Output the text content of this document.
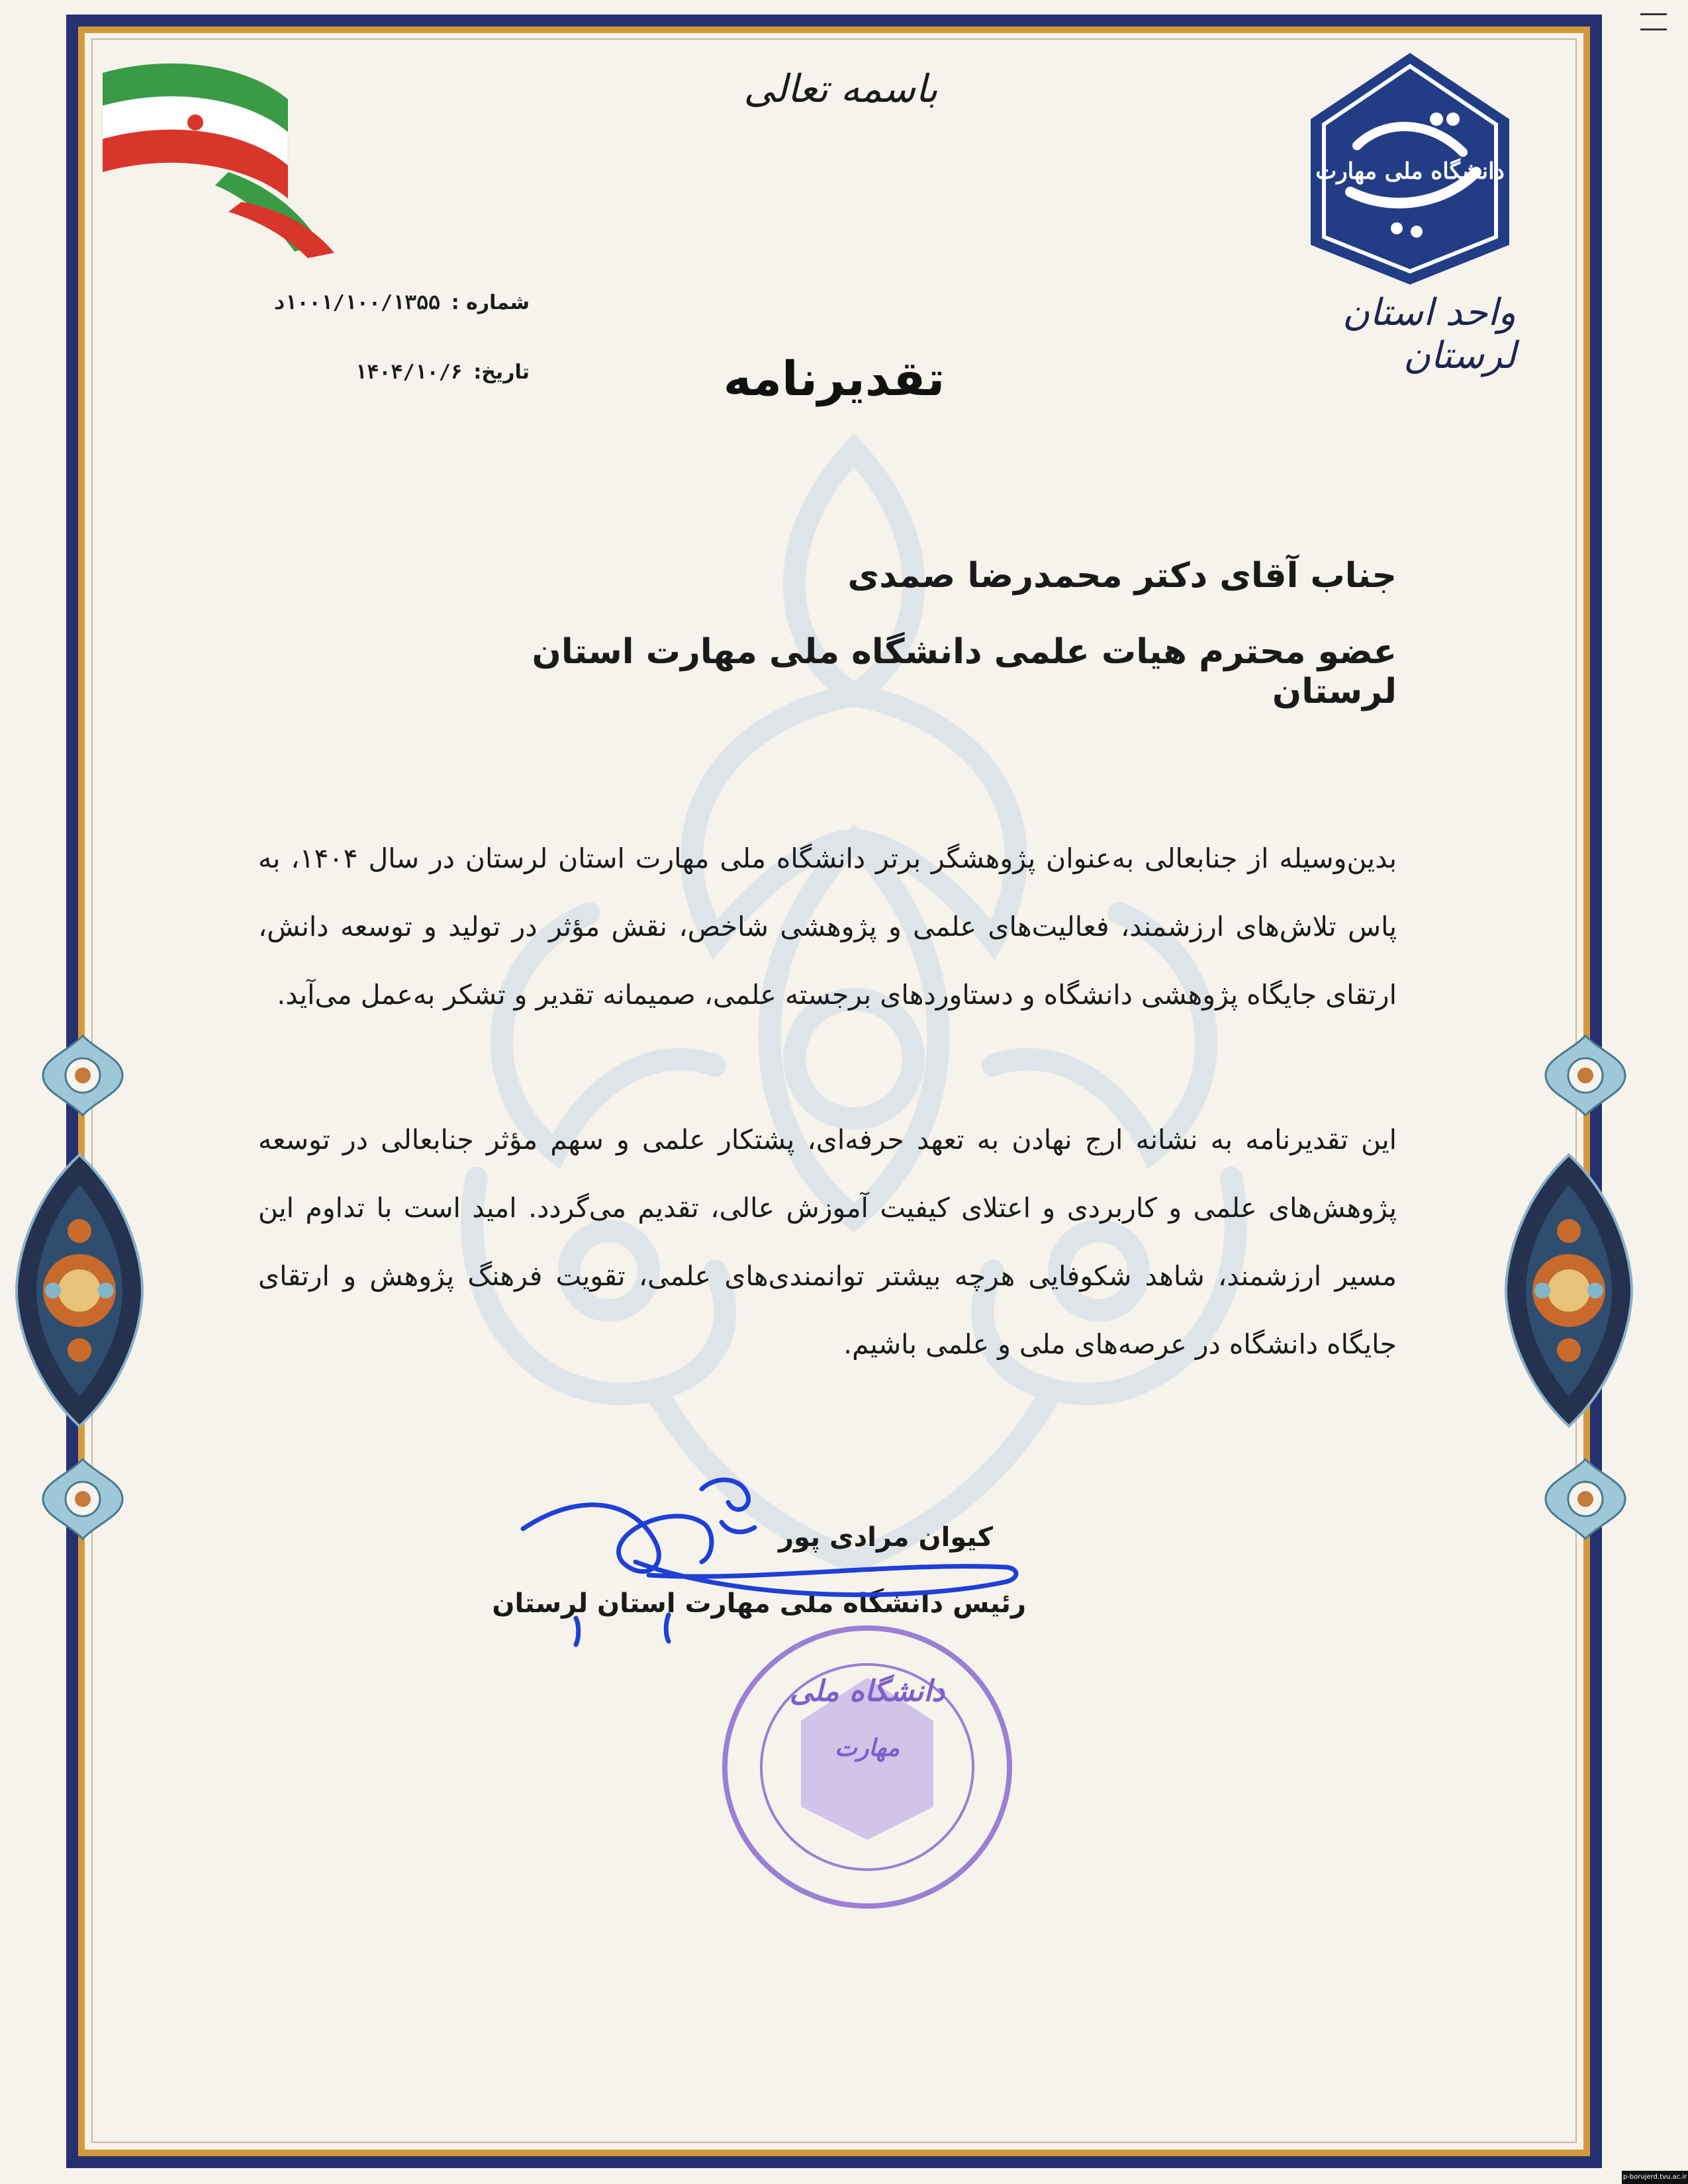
دانشگاه ملی مهارت
واحد استان لرستان
باسمه تعالی
شماره : ۱۰۰۱/۱۰۰/۱۳۵۵د
تاریخ: ۱۴۰۴/۱۰/۶	تقدیرنامه
جناب آقای دکتر محمدرضا صمدی
عضو محترم هیات علمی دانشگاه ملی مهارت استان لرستان

بدین‌وسیله از جنابعالی به‌عنوان پژوهشگر برتر دانشگاه ملی مهارت استان لرستان در سال ۱۴۰۴، به پاس تلاش‌های ارزشمند، فعالیت‌های علمی و پژوهشی شاخص، نقش مؤثر در تولید و توسعه دانش، ارتقای جایگاه پژوهشی دانشگاه و دستاوردهای برجسته علمی، صمیمانه تقدیر و تشکر به‌عمل می‌آید.

این تقدیرنامه به نشانه ارج نهادن به تعهد حرفه‌ای، پشتکار علمی و سهم مؤثر جنابعالی در توسعه پژوهش‌های علمی و کاربردی و اعتلای کیفیت آموزش عالی، تقدیم می‌گردد. امید است با تداوم این مسیر ارزشمند، شاهد شکوفایی هرچه بیشتر توانمندی‌های علمی، تقویت فرهنگ پژوهش و ارتقای جایگاه دانشگاه در عرصه‌های ملی و علمی باشیم.

دانشگاه ملی
مهارت
کیوان مرادی پور
رئیس دانشگاه ملی مهارت استان لرستان
p-borujerd.tvu.ac.ir
